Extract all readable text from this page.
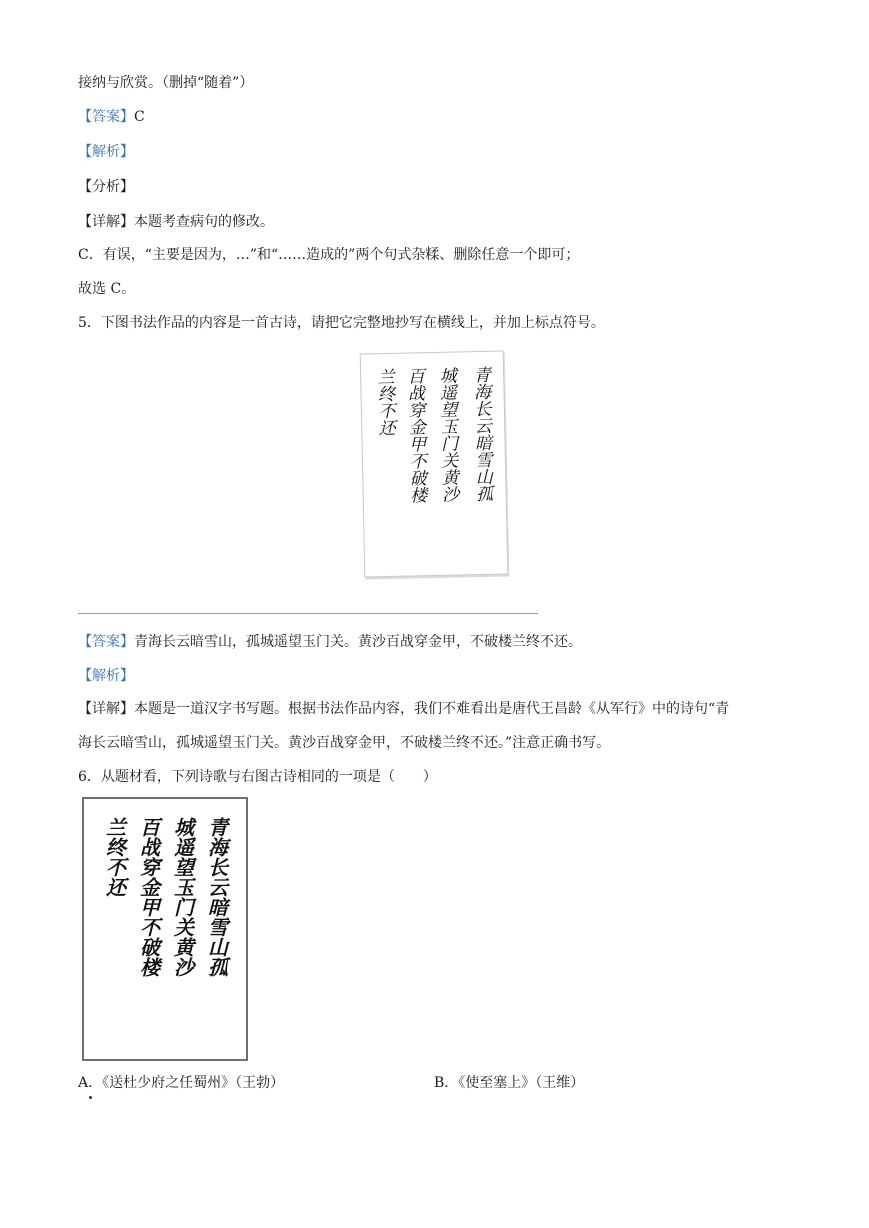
接纳与欣赏。（删掉“随着”）
【答案】C
【解析】
【分析】
【详解】本题考查病句的修改。
C．有误，“主要是因为，…”和“……造成的”两个句式杂糅、删除任意一个即可；
故选 C。
5．下图书法作品的内容是一首古诗，请把它完整地抄写在横线上，并加上标点符号。
青海长云暗雪山孤
城遥望玉门关黄沙
百战穿金甲不破楼
兰终不还
【答案】青海长云暗雪山，孤城遥望玉门关。黄沙百战穿金甲，不破楼兰终不还。
【解析】
【详解】本题是一道汉字书写题。根据书法作品内容，我们不难看出是唐代王昌龄《从军行》中的诗句“青
海长云暗雪山，孤城遥望玉门关。黄沙百战穿金甲，不破楼兰终不还。”注意正确书写。
6．从题材看，下列诗歌与右图古诗相同的一项是（　　）
青海长云暗雪山孤
城遥望玉门关黄沙
百战穿金甲不破楼
兰终不还
A．《送杜少府之任蜀州》（王勃）	B．《使至塞上》（王维）
